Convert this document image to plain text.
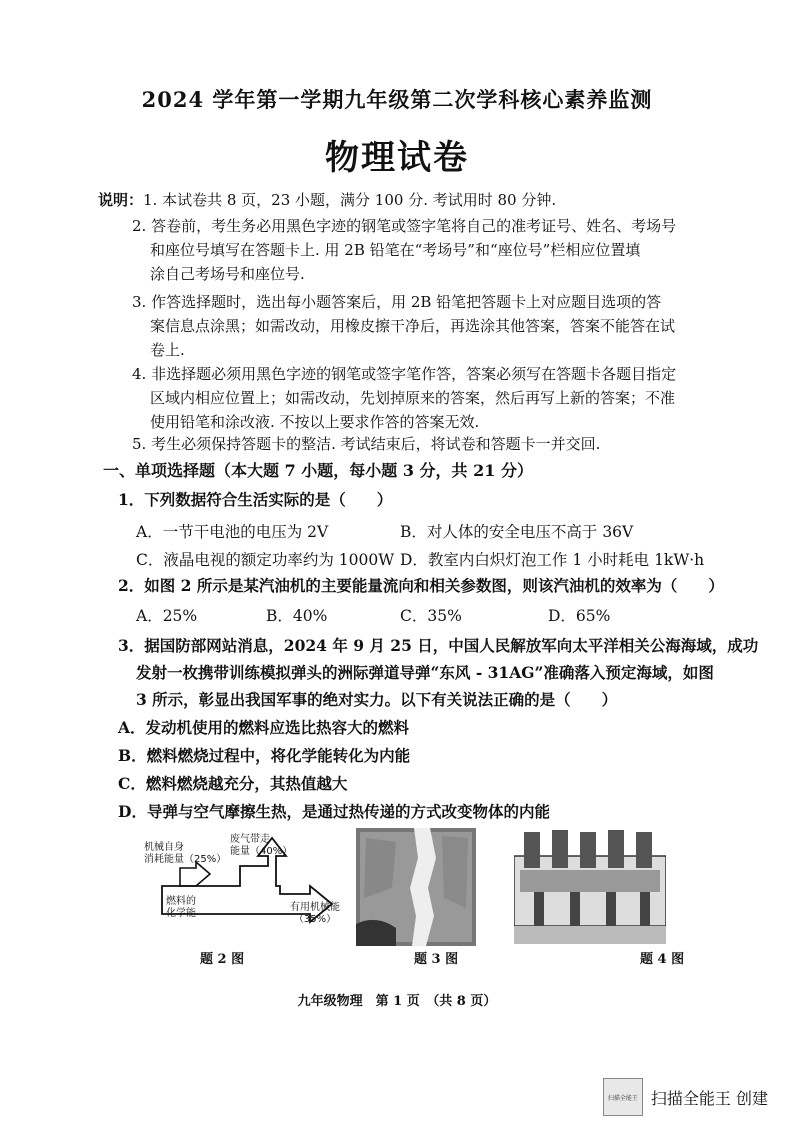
2024 学年第一学期九年级第二次学科核心素养监测
物理试卷
说明：1. 本试卷共 8 页，23 小题，满分 100 分. 考试用时 80 分钟.
2. 答卷前，考生务必用黑色字迹的钢笔或签字笔将自己的准考证号、姓名、考场号
和座位号填写在答题卡上. 用 2B 铅笔在“考场号”和“座位号”栏相应位置填
涂自己考场号和座位号.
3. 作答选择题时，选出每小题答案后，用 2B 铅笔把答题卡上对应题目选项的答
案信息点涂黑；如需改动，用橡皮擦干净后，再选涂其他答案，答案不能答在试
卷上.
4. 非选择题必须用黑色字迹的钢笔或签字笔作答，答案必须写在答题卡各题目指定
区域内相应位置上；如需改动，先划掉原来的答案，然后再写上新的答案；不准
使用铅笔和涂改液. 不按以上要求作答的答案无效.
5. 考生必须保持答题卡的整洁. 考试结束后，将试卷和答题卡一并交回.
一、单项选择题（本大题 7 小题，每小题 3 分，共 21 分）
1．下列数据符合生活实际的是（　　）
A．一节干电池的电压为 2V	B．对人体的安全电压不高于 36V
C．液晶电视的额定功率约为 1000W D．教室内白炽灯泡工作 1 小时耗电 1kW·h
2．如图 2 所示是某汽油机的主要能量流向和相关参数图，则该汽油机的效率为（　　）
A．25%	B．40%	C．35%	D．65%
3．据国防部网站消息，2024 年 9 月 25 日，中国人民解放军向太平洋相关公海海域，成功
发射一枚携带训练模拟弹头的洲际弹道导弹“东风 - 31AG”准确落入预定海域，如图
3 所示，彰显出我国军事的绝对实力。以下有关说法正确的是（　　）
A．发动机使用的燃料应选比热容大的燃料
B．燃料燃烧过程中，将化学能转化为内能
C．燃料燃烧越充分，其热值越大
D．导弹与空气摩擦生热，是通过热传递的方式改变物体的内能
机械自身
消耗能量（25%）
废气带走
能量（40%）
燃料的
化学能
有用机械能
（35%）
题 2 图	题 3 图	题 4 图
九年级物理　第 1 页　（共 8 页）
扫描全能王 扫描全能王 创建
